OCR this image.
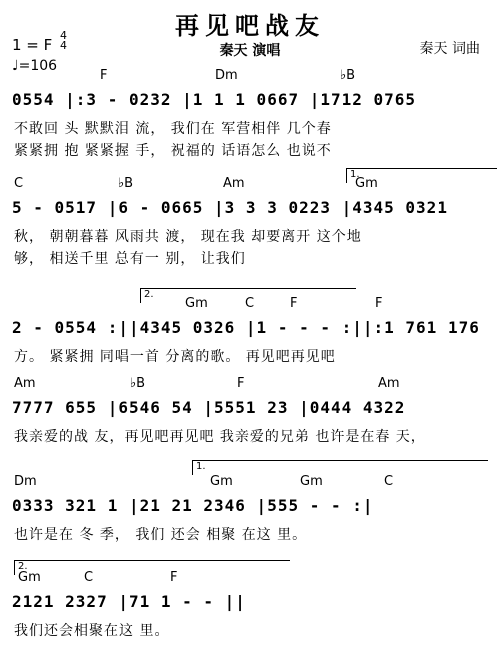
再见吧战友
秦天 演唱	秦天 词曲
1 = F
4
4
♩=106
F	Dm	♭B
0554 |:3 - 0232 |1 1 1 0667 |1712 0765
不敢回 头 默默泪 流， 我们在 军营相伴 几个春
紧紧拥 抱 紧紧握 手， 祝福的 话语怎么 也说不
C	♭B	Am	Gm
5 - 0517 |6 - 0665 |3 3 3 0223 |4345 0321
秋， 朝朝暮暮 风雨共 渡， 现在我 却要离开 这个地
够， 相送千里 总有一 别， 让我们
Gm	C	F	F
2 - 0554 :||4345 0326 |1 - - - :||:1 761 176
方。 紧紧拥 同唱一首 分离的歌。 再见吧再见吧
Am	♭B	F	Am
7777 655 |6546 54 |5551 23 |0444 4322
我亲爱的战 友，再见吧再见吧 我亲爱的兄弟 也许是在春 天，
Dm	Gm	Gm	C
0333 321 1 |21 21 2346 |555 - - :|
也许是在 冬 季， 我们 还会 相聚 在这 里。
Gm	C	F
2121 2327 |71 1 - - ||
我们还会相聚在这 里。
1.
2.
1.
2.
